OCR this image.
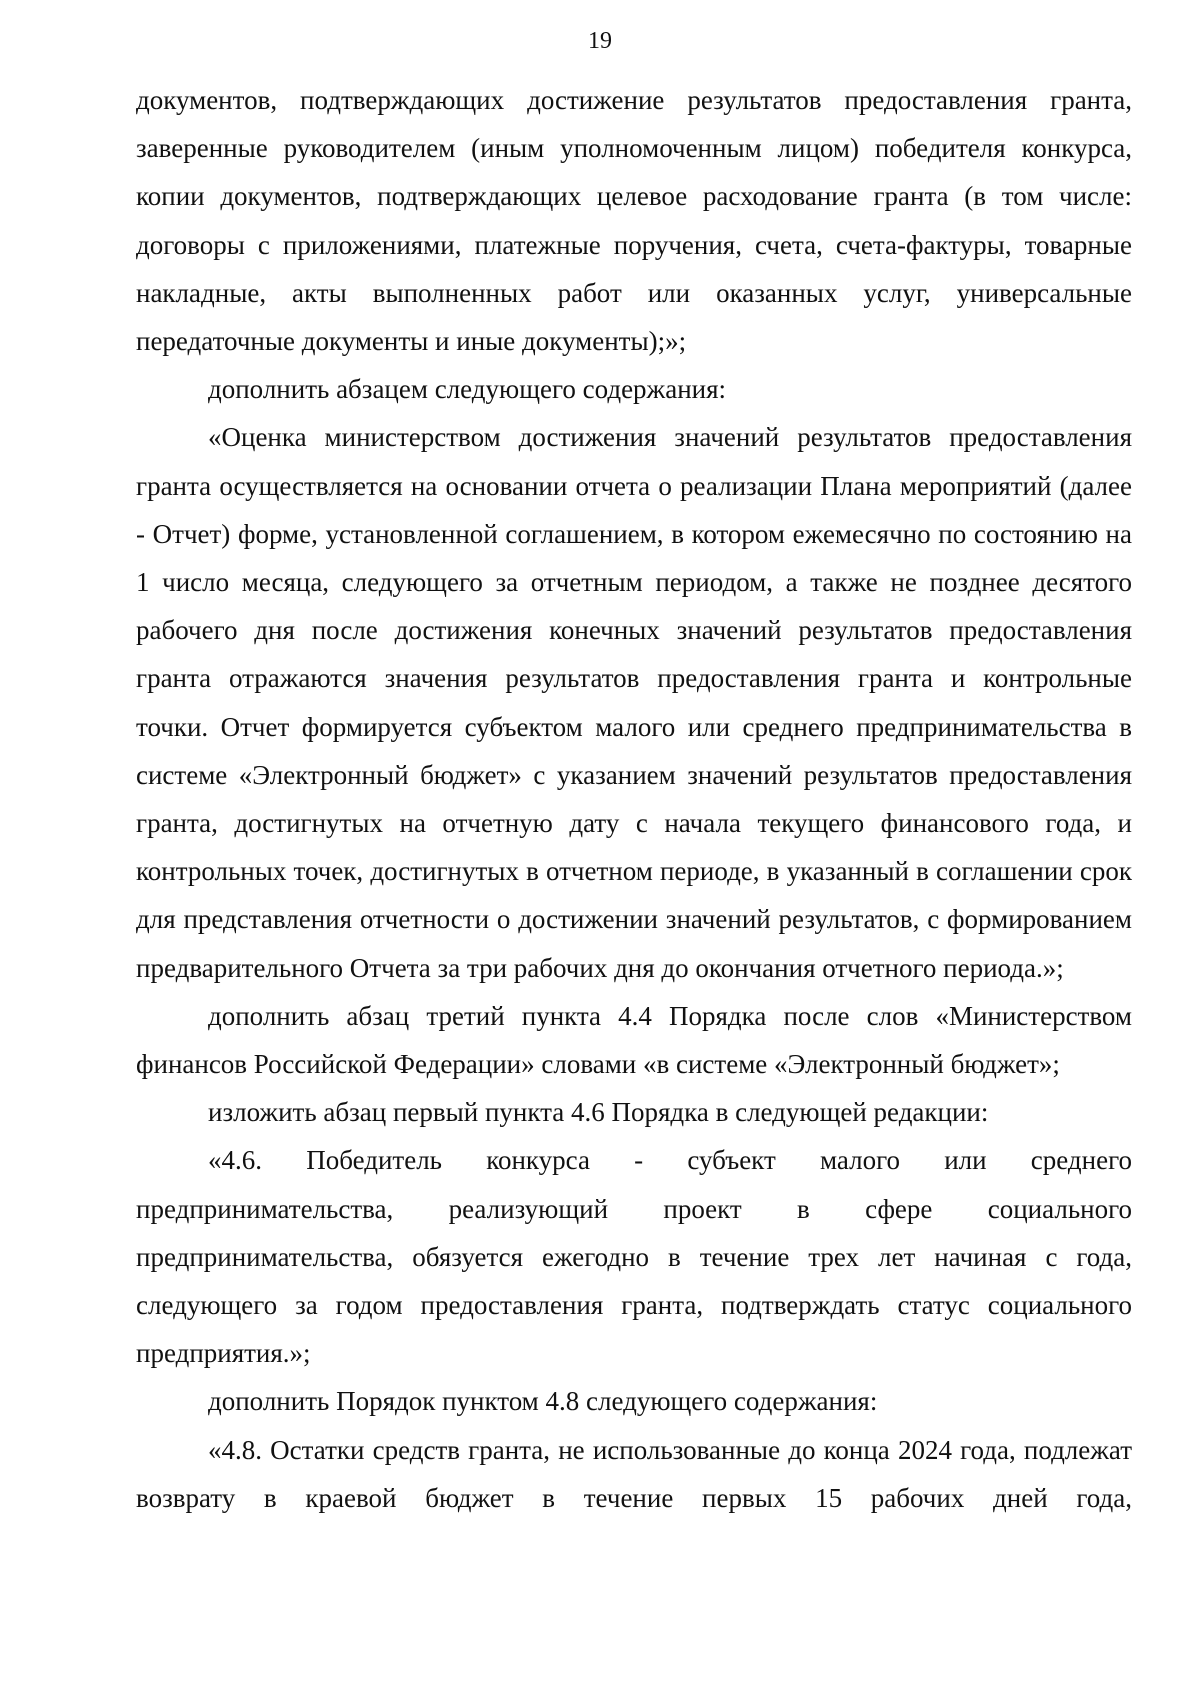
19

документов, подтверждающих достижение результатов предоставления гранта, заверенные руководителем (иным уполномоченным лицом) победителя конкурса, копии документов, подтверждающих целевое расходование гранта (в том числе: договоры с приложениями, платежные поручения, счета, счета-фактуры, товарные накладные, акты выполненных работ или оказанных услуг, универсальные передаточные документы и иные документы);»;

дополнить абзацем следующего содержания:

«Оценка министерством достижения значений результатов предоставления гранта осуществляется на основании отчета о реализации Плана мероприятий (далее - Отчет) форме, установленной соглашением, в котором ежемесячно по состоянию на 1 число месяца, следующего за отчетным периодом, а также не позднее десятого рабочего дня после достижения конечных значений результатов предоставления гранта отражаются значения результатов предоставления гранта и контрольные точки. Отчет формируется субъектом малого или среднего предпринимательства в системе «Электронный бюджет» с указанием значений результатов предоставления гранта, достигнутых на отчетную дату с начала текущего финансового года, и контрольных точек, достигнутых в отчетном периоде, в указанный в соглашении срок для представления отчетности о достижении значений результатов, с формированием предварительного Отчета за три рабочих дня до окончания отчетного периода.»;

дополнить абзац третий пункта 4.4 Порядка после слов «Министерством финансов Российской Федерации» словами «в системе «Электронный бюджет»;

изложить абзац первый пункта 4.6 Порядка в следующей редакции:

«4.6. Победитель конкурса - субъект малого или среднего предпринимательства, реализующий проект в сфере социального предпринимательства, обязуется ежегодно в течение трех лет начиная с года, следующего за годом предоставления гранта, подтверждать статус социального предприятия.»;

дополнить Порядок пунктом 4.8 следующего содержания:

«4.8. Остатки средств гранта, не использованные до конца 2024 года, подлежат возврату в краевой бюджет в течение первых 15 рабочих дней года,
